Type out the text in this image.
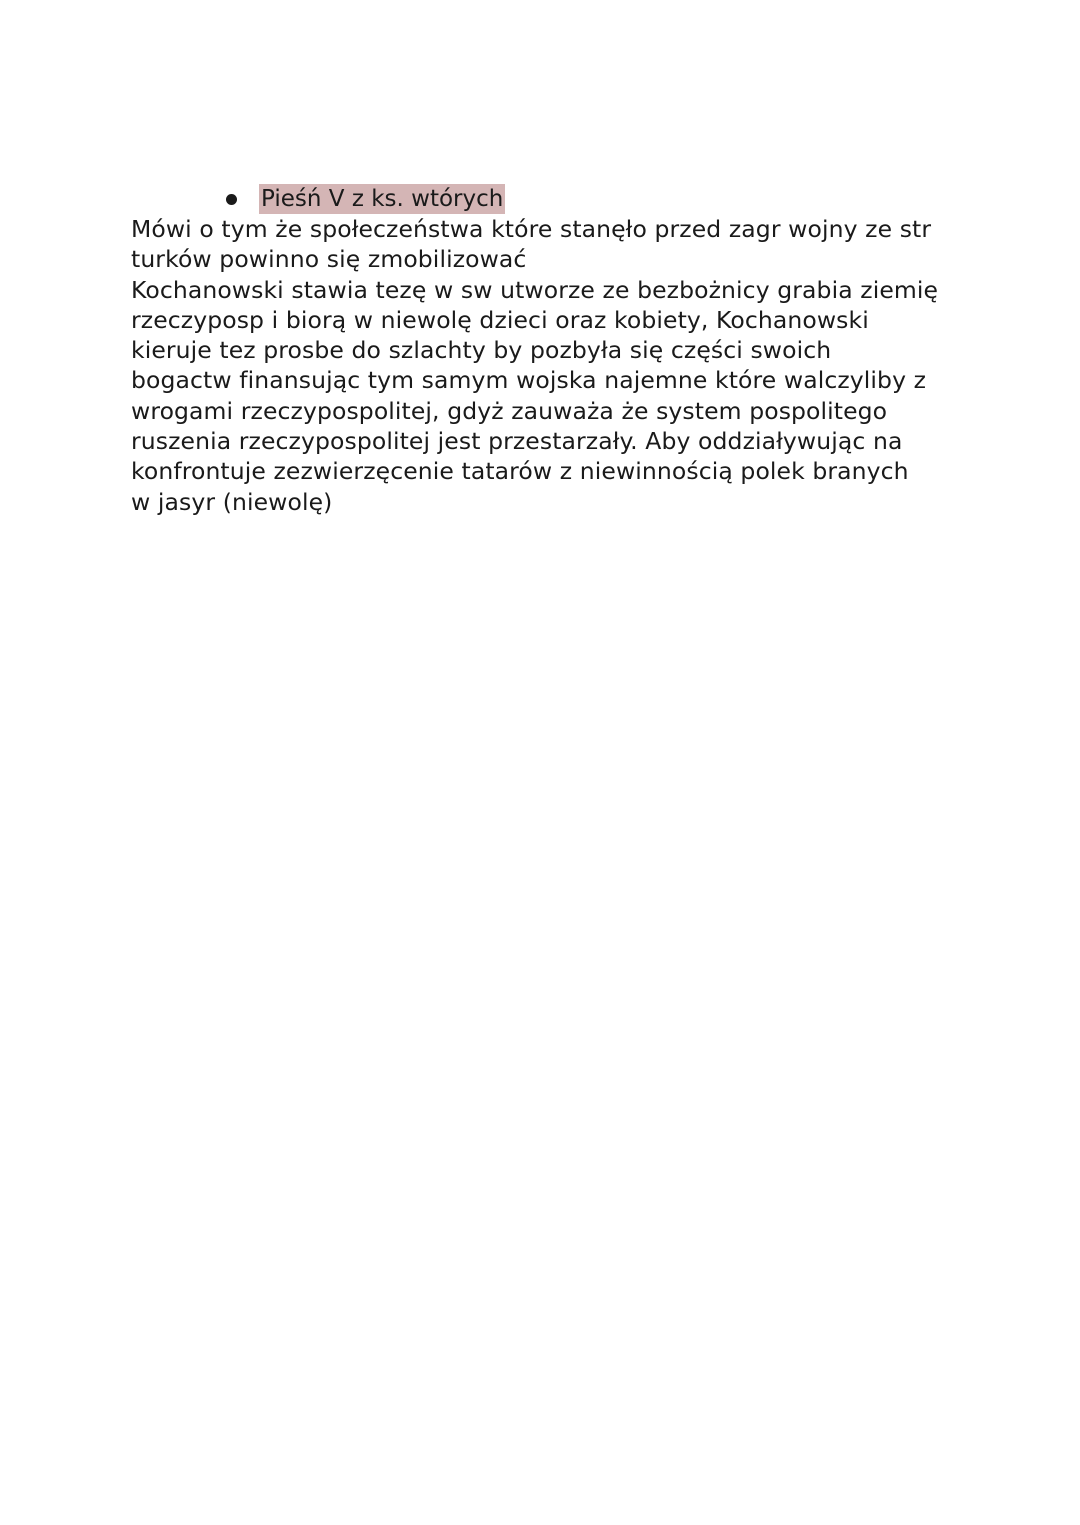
Pieśń V z ks. wtórych
Mówi o tym że społeczeństwa które stanęło przed zagr wojny ze str
turków powinno się zmobilizować
Kochanowski stawia tezę w sw utworze ze bezbożnicy grabia ziemię
rzeczyposp i biorą w niewolę dzieci oraz kobiety, Kochanowski
kieruje tez prosbe do szlachty by pozbyła się części swoich
bogactw finansując tym samym wojska najemne które walczyliby z
wrogami rzeczypospolitej, gdyż zauważa że system pospolitego
ruszenia rzeczypospolitej jest przestarzały. Aby oddziaływując na
konfrontuje zezwierzęcenie tatarów z niewinnością polek branych
w jasyr (niewolę)
